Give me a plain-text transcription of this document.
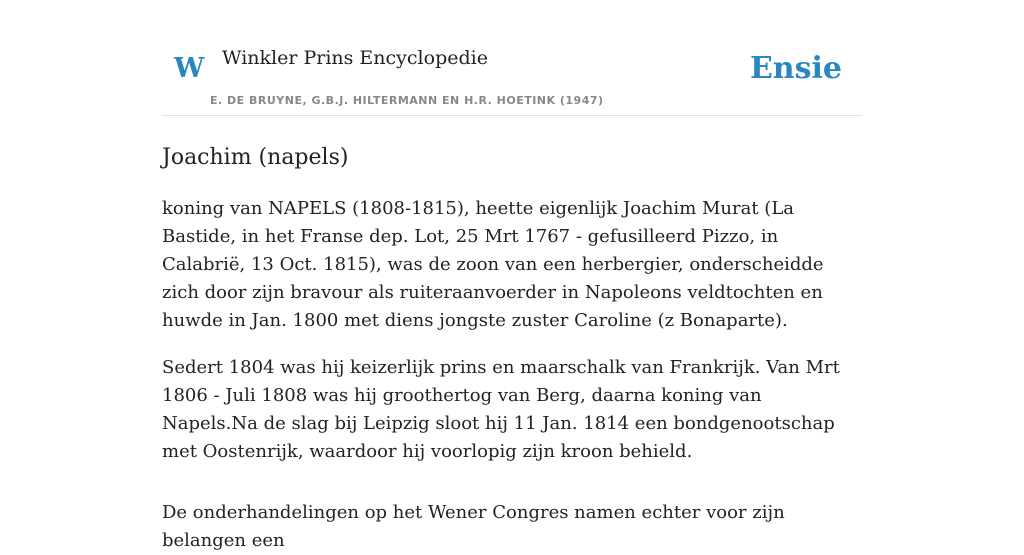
W Winkler Prins Encyclopedie
E. DE BRUYNE, G.B.J. HILTERMANN EN H.R. HOETINK (1947)
Ensie
Joachim (napels)

koning van NAPELS (1808-1815), heette eigenlijk Joachim Murat (La Bastide, in het Franse dep. Lot, 25 Mrt 1767 - gefusilleerd Pizzo, in Calabrië, 13 Oct. 1815), was de zoon van een herbergier, onderscheidde zich door zijn bravour als ruiteraanvoerder in Napoleons veldtochten en huwde in Jan. 1800 met diens jongste zuster Caroline (z Bonaparte).

Sedert 1804 was hij keizerlijk prins en maarschalk van Frankrijk. Van Mrt 1806 - Juli 1808 was hij groothertog van Berg, daarna koning van Napels.Na de slag bij Leipzig sloot hij 11 Jan. 1814 een bondgenootschap met Oostenrijk, waardoor hij voorlopig zijn kroon behield.

De onderhandelingen op het Wener Congres namen echter voor zijn belangen een
